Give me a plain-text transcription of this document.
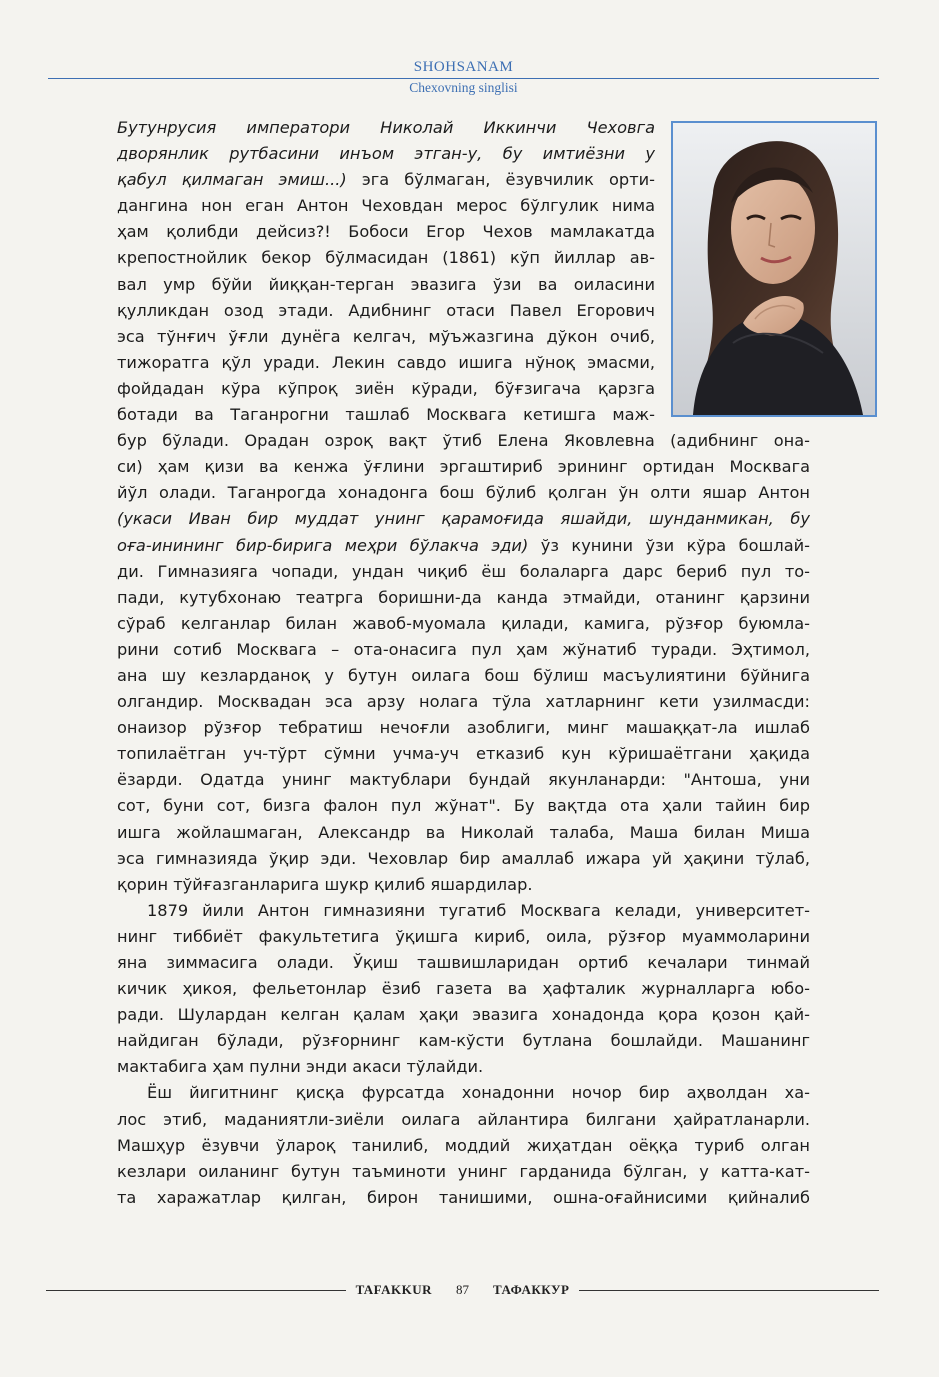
SHOHSANAM
Chexovning singlisi
Бутунрусия императори Николай Иккинчи Чеховга
дворянлик рутбасини инъом этган-у, бу имтиёзни у
қабул қилмаган эмиш...) эга бўлмаган, ёзувчилик орти-
дангина нон еган Антон Чеховдан мерос бўлгулик нима
ҳам қолибди дейсиз?! Бобоси Егор Чехов мамлакатда
крепостнойлик бекор бўлмасидан (1861) кўп йиллар ав-
вал умр бўйи йиққан-терган эвазига ўзи ва оиласини
қулликдан озод этади. Адибнинг отаси Павел Егорович
эса тўнғич ўғли дунёга келгач, мўъжазгина дўкон очиб,
тижоратга қўл уради. Лекин савдо ишига нўноқ эмасми,
фойдадан кўра кўпроқ зиён кўради, бўғзигача қарзга
ботади ва Таганрогни ташлаб Москвага кетишга маж-
бур бўлади. Орадан озроқ вақт ўтиб Елена Яковлевна (адибнинг она-
си) ҳам қизи ва кенжа ўғлини эргаштириб эрининг ортидан Москвага
йўл олади. Таганрогда хонадонга бош бўлиб қолган ўн олти яшар Антон
(укаси Иван бир муддат унинг қарамоғида яшайди, шунданмикан, бу
оға-инининг бир-бирига меҳри бўлакча эди) ўз кунини ўзи кўра бошлай-
ди. Гимназияга чопади, ундан чиқиб ёш болаларга дарс бериб пул то-
пади, кутубхонаю театрга боришни-да канда этмайди, отанинг қарзини
сўраб келганлар билан жавоб-муомала қилади, камига, рўзғор буюмла-
рини сотиб Москвага – ота-онасига пул ҳам жўнатиб туради. Эҳтимол,
ана шу кезларданоқ у бутун оилага бош бўлиш масъулиятини бўйнига
олгандир. Москвадан эса арзу нолага тўла хатларнинг кети узилмасди:
онаизор рўзғор тебратиш нечоғли азоблиги, минг машаққат-ла ишлаб
топилаётган уч-тўрт сўмни учма-уч етказиб кун кўришаётгани ҳақида
ёзарди. Одатда унинг мактублари бундай якунланарди: "Антоша, уни
сот, буни сот, бизга фалон пул жўнат". Бу вақтда ота ҳали тайин бир
ишга жойлашмаган, Александр ва Николай талаба, Маша билан Миша
эса гимназияда ўқир эди. Чеховлар бир амаллаб ижара уй ҳақини тўлаб,
қорин тўйғазганларига шукр қилиб яшардилар.
1879 йили Антон гимназияни тугатиб Москвага келади, университет-
нинг тиббиёт факультетига ўқишга кириб, оила, рўзғор муаммоларини
яна зиммасига олади. Ўқиш ташвишларидан ортиб кечалари тинмай
кичик ҳикоя, фельетонлар ёзиб газета ва ҳафталик журналларга юбо-
ради. Шулардан келган қалам ҳақи эвазига хонадонда қора қозон қай-
найдиган бўлади, рўзғорнинг кам-кўсти бутлана бошлайди. Машанинг
мактабига ҳам пулни энди акаси тўлайди.
Ёш йигитнинг қисқа фурсатда хонадонни ночор бир аҳволдан ха-
лос этиб, маданиятли-зиёли оилага айлантира билгани ҳайратланарли.
Машҳур ёзувчи ўлароқ танилиб, моддий жиҳатдан оёққа туриб олган
кезлари оиланинг бутун таъминоти унинг гарданида бўлган, у катта-кат-
та харажатлар қилган, бирон танишими, ошна-оғайнисими қийналиб
TAFAKKUR 87 ТАФАККУР
